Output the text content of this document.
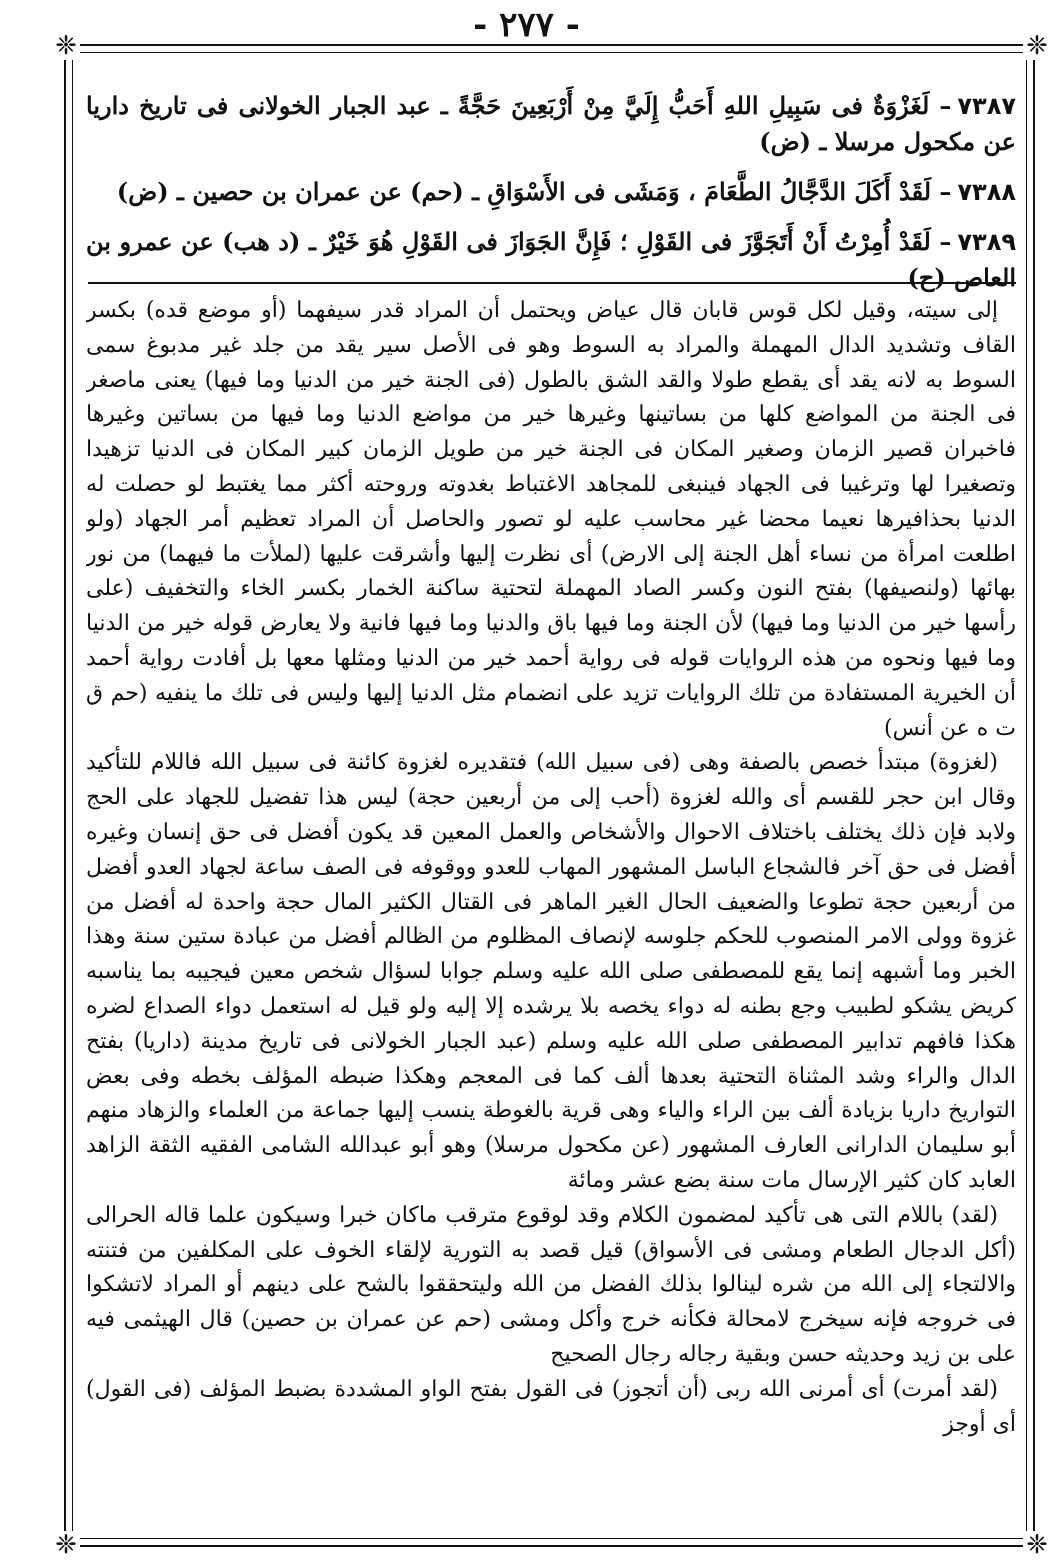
- ٢٧٧ -
❈	❈
❈	❈
٧٣٨٧– لَغَزْوَةٌ فى سَبِيلِ اللهِ أَحَبُّ إِلَيَّ مِنْ أَرْبَعِينَ حَجَّةً ـ عبد الجبار الخولانى فى تاريخ داريا عن مكحول مرسلا ـ (ض)
٧٣٨٨– لَقَدْ أَكَلَ الدَّجَّالُ الطَّعَامَ ، وَمَشَى فى الأَسْوَاقِ ـ (حم) عن عمران بن حصين ـ (ض)
٧٣٨٩– لَقَدْ أُمِرْتُ أَنْ أَتَجَوَّزَ فى القَوْلِ ؛ فَإِنَّ الجَوَازَ فى القَوْلِ هُوَ خَيْرٌ ـ (د هب) عن عمرو بن العاص (ح)

إلى سيته، وقيل لكل قوس قابان قال عياض ويحتمل أن المراد قدر سيفهما (أو موضع قده) بكسر القاف وتشديد الدال المهملة والمراد به السوط وهو فى الأصل سير يقد من جلد غير مدبوغ سمى السوط به لانه يقد أى يقطع طولا والقد الشق بالطول (فى الجنة خير من الدنيا وما فيها) يعنى ماصغر فى الجنة من المواضع كلها من بساتينها وغيرها خير من مواضع الدنيا وما فيها من بساتين وغيرها فاخبران قصير الزمان وصغير المكان فى الجنة خير من طويل الزمان كبير المكان فى الدنيا تزهيدا وتصغيرا لها وترغيبا فى الجهاد فينبغى للمجاهد الاغتباط بغدوته وروحته أكثر مما يغتبط لو حصلت له الدنيا بحذافيرها نعيما محضا غير محاسب عليه لو تصور والحاصل أن المراد تعظيم أمر الجهاد (ولو اطلعت امرأة من نساء أهل الجنة إلى الارض) أى نظرت إليها وأشرقت عليها (لملأت ما فيهما) من نور بهائها (ولنصيفها) بفتح النون وكسر الصاد المهملة لتحتية ساكنة الخمار بكسر الخاء والتخفيف (على رأسها خير من الدنيا وما فيها) لأن الجنة وما فيها باق والدنيا وما فيها فانية ولا يعارض قوله خير من الدنيا وما فيها ونحوه من هذه الروايات قوله فى رواية أحمد خير من الدنيا ومثلها معها بل أفادت رواية أحمد أن الخيرية المستفادة من تلك الروايات تزيد على انضمام مثل الدنيا إليها وليس فى تلك ما ينفيه (حم ق ت ه عن أنس)

(لغزوة) مبتدأ خصص بالصفة وهى (فى سبيل الله) فتقديره لغزوة كائنة فى سبيل الله فاللام للتأكيد وقال ابن حجر للقسم أى والله لغزوة (أحب إلى من أربعين حجة) ليس هذا تفضيل للجهاد على الحج ولابد فإن ذلك يختلف باختلاف الاحوال والأشخاص والعمل المعين قد يكون أفضل فى حق إنسان وغيره أفضل فى حق آخر فالشجاع الباسل المشهور المهاب للعدو ووقوفه فى الصف ساعة لجهاد العدو أفضل من أربعين حجة تطوعا والضعيف الحال الغير الماهر فى القتال الكثير المال حجة واحدة له أفضل من غزوة وولى الامر المنصوب للحكم جلوسه لإنصاف المظلوم من الظالم أفضل من عبادة ستين سنة وهذا الخبر وما أشبهه إنما يقع للمصطفى صلى الله عليه وسلم جوابا لسؤال شخص معين فيجيبه بما يناسبه كريض يشكو لطبيب وجع بطنه له دواء يخصه بلا يرشده إلا إليه ولو قيل له استعمل دواء الصداع لضره هكذا فافهم تدابير المصطفى صلى الله عليه وسلم (عبد الجبار الخولانى فى تاريخ مدينة (داريا) بفتح الدال والراء وشد المثناة التحتية بعدها ألف كما فى المعجم وهكذا ضبطه المؤلف بخطه وفى بعض التواريخ داريا بزيادة ألف بين الراء والياء وهى قرية بالغوطة ينسب إليها جماعة من العلماء والزهاد منهم أبو سليمان الدارانى العارف المشهور (عن مكحول مرسلا) وهو أبو عبدالله الشامى الفقيه الثقة الزاهد العابد كان كثير الإرسال مات سنة بضع عشر ومائة

(لقد) باللام التى هى تأكيد لمضمون الكلام وقد لوقوع مترقب ماكان خبرا وسيكون علما قاله الحرالى (أكل الدجال الطعام ومشى فى الأسواق) قيل قصد به التورية لإلقاء الخوف على المكلفين من فتنته والالتجاء إلى الله من شره لينالوا بذلك الفضل من الله وليتحققوا بالشح على دينهم أو المراد لاتشكوا فى خروجه فإنه سيخرج لامحالة فكأنه خرج وأكل ومشى (حم عن عمران بن حصين) قال الهيثمى فيه على بن زيد وحديثه حسن وبقية رجاله رجال الصحيح

(لقد أمرت) أى أمرنى الله ربى (أن أتجوز) فى القول بفتح الواو المشددة بضبط المؤلف (فى القول) أى أوجز
